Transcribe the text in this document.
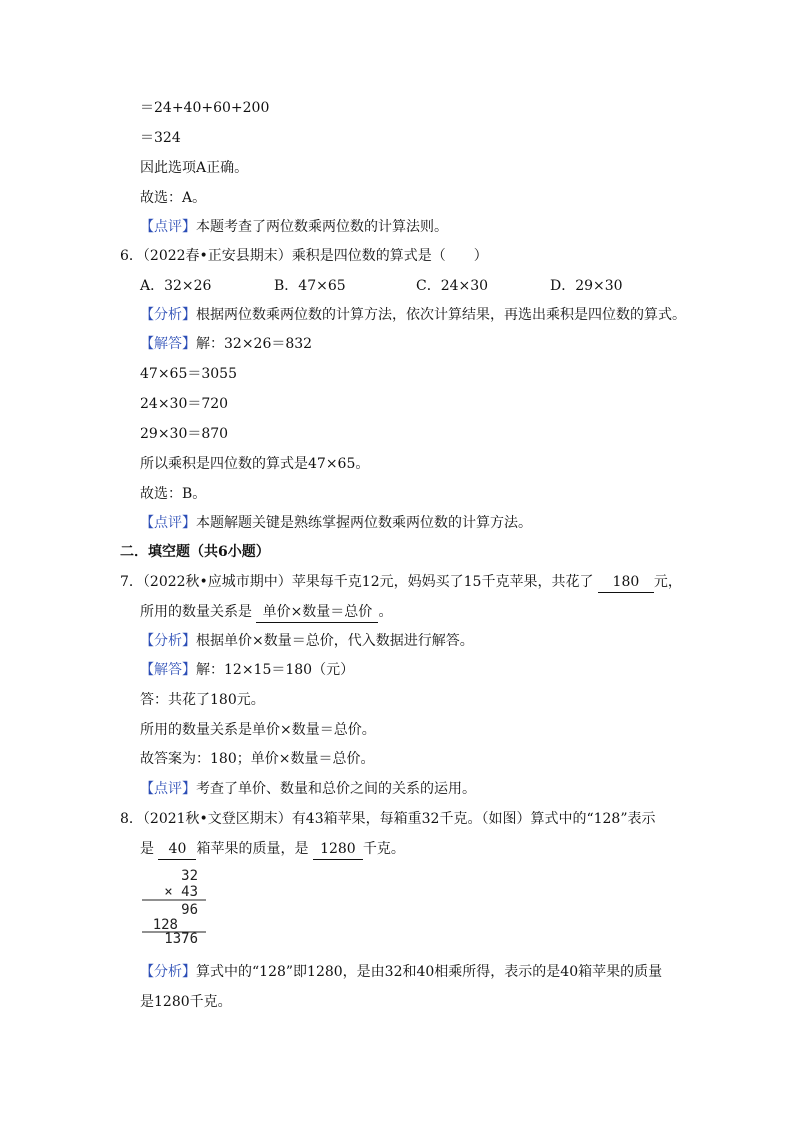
＝24+40+60+200
＝324
因此选项A正确。
故选：A。
【点评】本题考查了两位数乘两位数的计算法则。
6．（2022春•正安县期末）乘积是四位数的算式是（　　）
A．32×26	B．47×65	C．24×30	D．29×30
【分析】根据两位数乘两位数的计算方法，依次计算结果，再选出乘积是四位数的算式。
【解答】解：32×26＝832
47×65＝3055
24×30＝720
29×30＝870
所以乘积是四位数的算式是47×65。
故选：B。
【点评】本题解题关键是熟练掌握两位数乘两位数的计算方法。
二．填空题（共6小题）
7．（2022秋•应城市期中）苹果每千克12元，妈妈买了15千克苹果，共花了 180 元，
所用的数量关系是 单价×数量＝总价 。
【分析】根据单价×数量＝总价，代入数据进行解答。
【解答】解：12×15＝180（元）
答：共花了180元。
所用的数量关系是单价×数量＝总价。
故答案为：180；单价×数量＝总价。
【点评】考查了单价、数量和总价之间的关系的运用。
8．（2021秋•文登区期末）有43箱苹果，每箱重32千克。（如图）算式中的“128”表示
是 40 箱苹果的质量，是 1280 千克。
32
× 43
96
128
1376
【分析】算式中的“128”即1280，是由32和40相乘所得，表示的是40箱苹果的质量
是1280千克。
